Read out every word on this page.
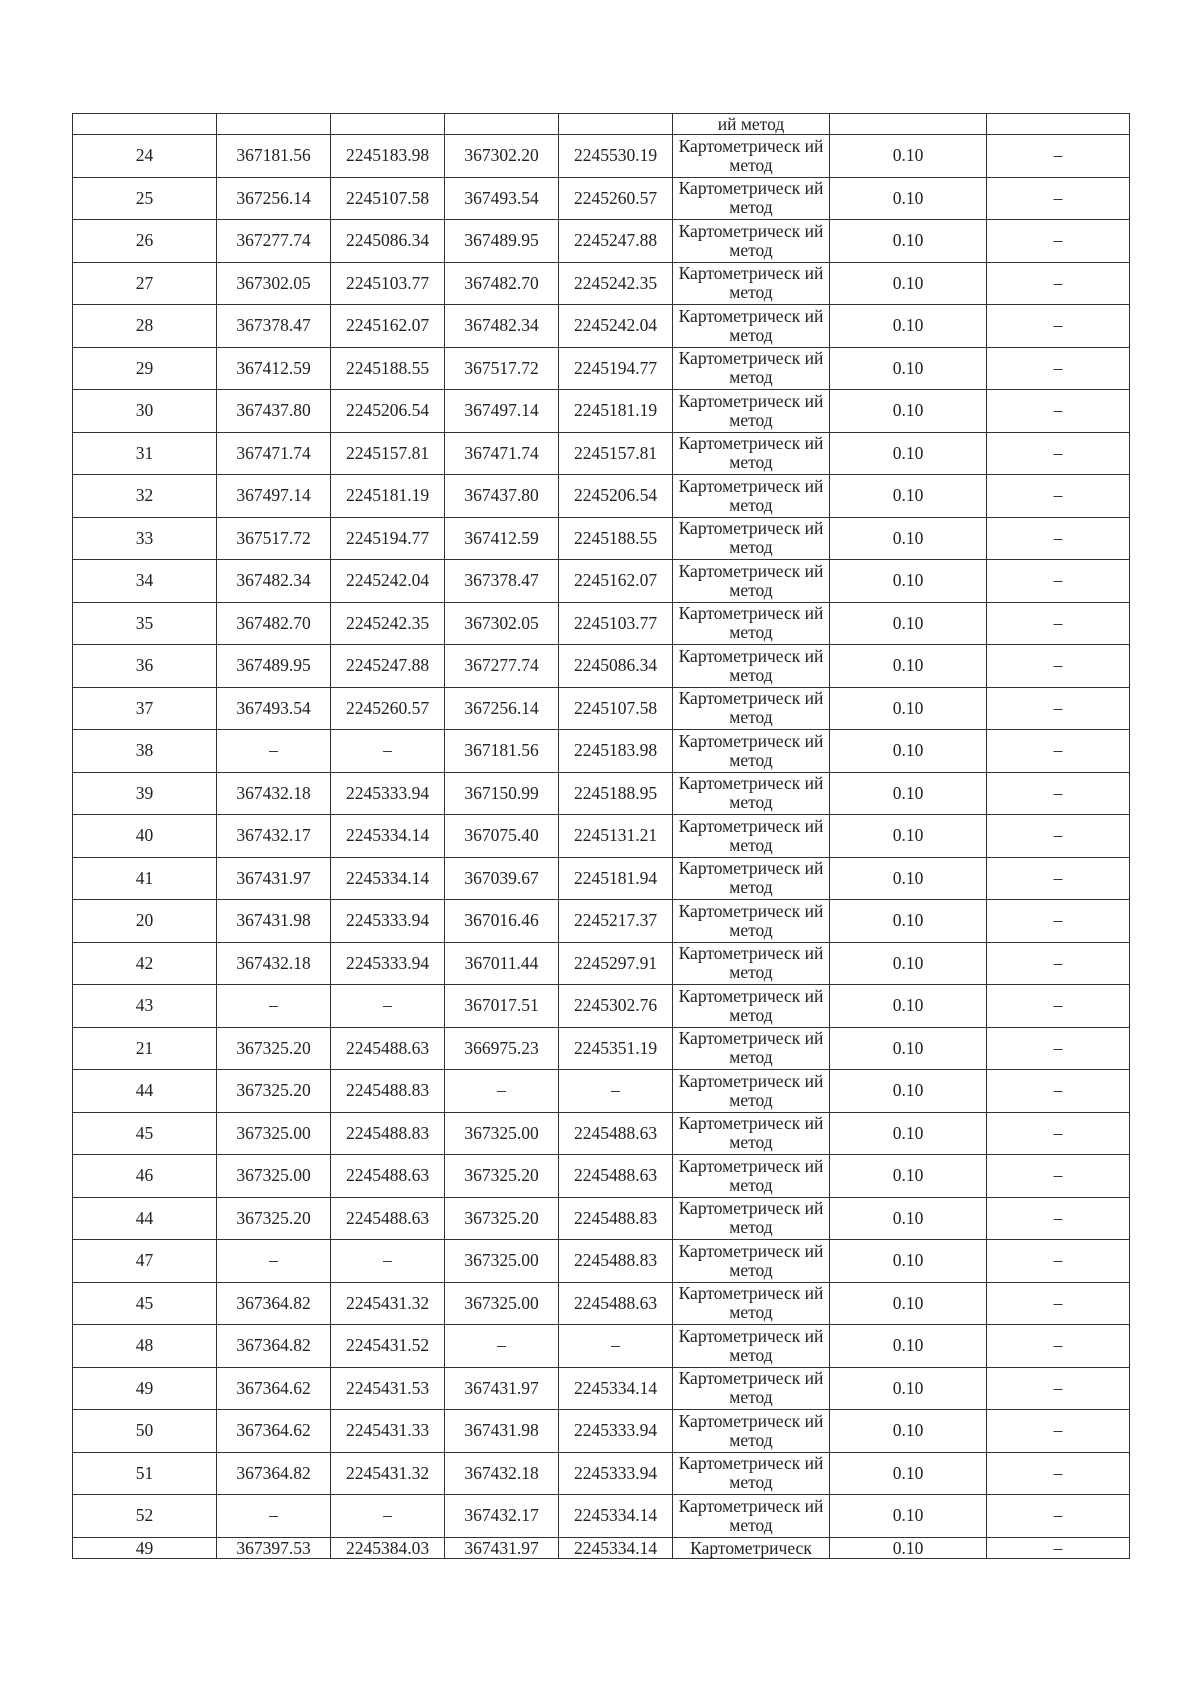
					ий метод		
24	367181.56	2245183.98	367302.20	2245530.19	Картометрическ ий метод	0.10	–
25	367256.14	2245107.58	367493.54	2245260.57	Картометрическ ий метод	0.10	–
26	367277.74	2245086.34	367489.95	2245247.88	Картометрическ ий метод	0.10	–
27	367302.05	2245103.77	367482.70	2245242.35	Картометрическ ий метод	0.10	–
28	367378.47	2245162.07	367482.34	2245242.04	Картометрическ ий метод	0.10	–
29	367412.59	2245188.55	367517.72	2245194.77	Картометрическ ий метод	0.10	–
30	367437.80	2245206.54	367497.14	2245181.19	Картометрическ ий метод	0.10	–
31	367471.74	2245157.81	367471.74	2245157.81	Картометрическ ий метод	0.10	–
32	367497.14	2245181.19	367437.80	2245206.54	Картометрическ ий метод	0.10	–
33	367517.72	2245194.77	367412.59	2245188.55	Картометрическ ий метод	0.10	–
34	367482.34	2245242.04	367378.47	2245162.07	Картометрическ ий метод	0.10	–
35	367482.70	2245242.35	367302.05	2245103.77	Картометрическ ий метод	0.10	–
36	367489.95	2245247.88	367277.74	2245086.34	Картометрическ ий метод	0.10	–
37	367493.54	2245260.57	367256.14	2245107.58	Картометрическ ий метод	0.10	–
38	–	–	367181.56	2245183.98	Картометрическ ий метод	0.10	–
39	367432.18	2245333.94	367150.99	2245188.95	Картометрическ ий метод	0.10	–
40	367432.17	2245334.14	367075.40	2245131.21	Картометрическ ий метод	0.10	–
41	367431.97	2245334.14	367039.67	2245181.94	Картометрическ ий метод	0.10	–
20	367431.98	2245333.94	367016.46	2245217.37	Картометрическ ий метод	0.10	–
42	367432.18	2245333.94	367011.44	2245297.91	Картометрическ ий метод	0.10	–
43	–	–	367017.51	2245302.76	Картометрическ ий метод	0.10	–
21	367325.20	2245488.63	366975.23	2245351.19	Картометрическ ий метод	0.10	–
44	367325.20	2245488.83	–	–	Картометрическ ий метод	0.10	–
45	367325.00	2245488.83	367325.00	2245488.63	Картометрическ ий метод	0.10	–
46	367325.00	2245488.63	367325.20	2245488.63	Картометрическ ий метод	0.10	–
44	367325.20	2245488.63	367325.20	2245488.83	Картометрическ ий метод	0.10	–
47	–	–	367325.00	2245488.83	Картометрическ ий метод	0.10	–
45	367364.82	2245431.32	367325.00	2245488.63	Картометрическ ий метод	0.10	–
48	367364.82	2245431.52	–	–	Картометрическ ий метод	0.10	–
49	367364.62	2245431.53	367431.97	2245334.14	Картометрическ ий метод	0.10	–
50	367364.62	2245431.33	367431.98	2245333.94	Картометрическ ий метод	0.10	–
51	367364.82	2245431.32	367432.18	2245333.94	Картометрическ ий метод	0.10	–
52	–	–	367432.17	2245334.14	Картометрическ ий метод	0.10	–
49	367397.53	2245384.03	367431.97	2245334.14	Картометрическ	0.10	–
